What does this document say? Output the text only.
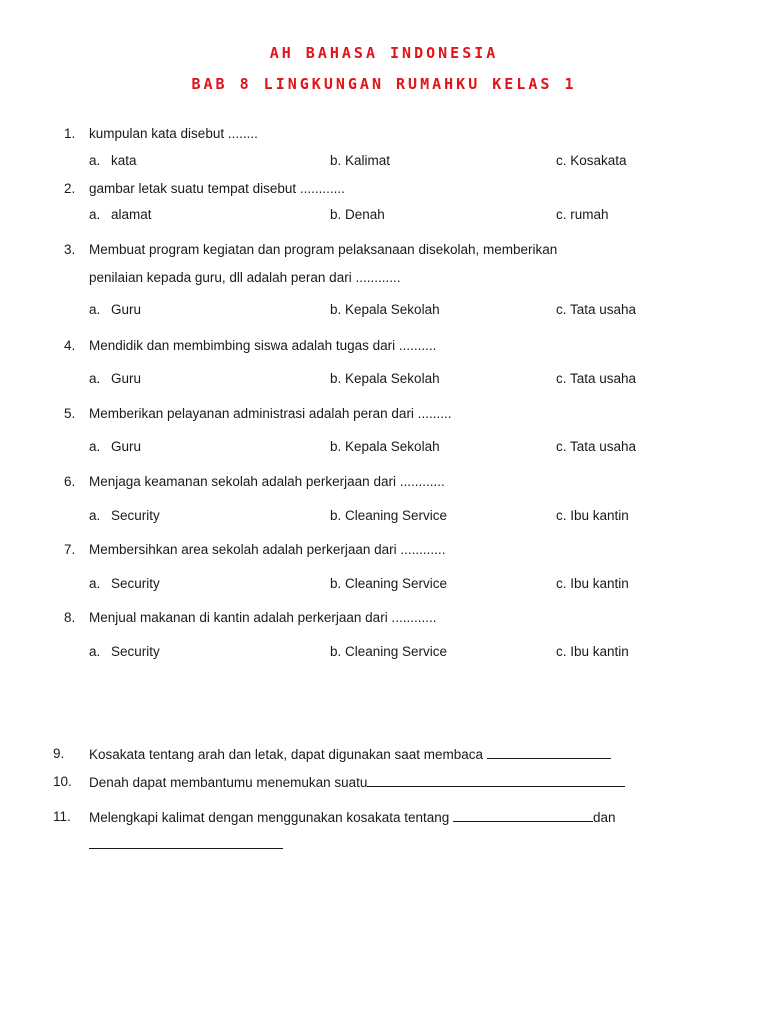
AH BAHASA INDONESIA
BAB 8 LINGKUNGAN RUMAHKU KELAS 1
1. kumpulan kata disebut ........
a. kata	b. Kalimat	c. Kosakata
2. gambar letak suatu tempat disebut ............
a. alamat	b. Denah	c. rumah
3. Membuat program kegiatan dan program pelaksanaan disekolah, memberikan
penilaian kepada guru, dll adalah peran dari ............
a. Guru	b. Kepala Sekolah	c. Tata usaha
4. Mendidik dan membimbing siswa adalah tugas dari ..........
a. Guru	b. Kepala Sekolah	c. Tata usaha
5. Memberikan pelayanan administrasi adalah peran dari .........
a. Guru	b. Kepala Sekolah	c. Tata usaha
6. Menjaga keamanan sekolah adalah perkerjaan dari ............
a. Security	b. Cleaning Service	c. Ibu kantin
7. Membersihkan area sekolah adalah perkerjaan dari ............
a. Security	b. Cleaning Service	c. Ibu kantin
8. Menjual makanan di kantin adalah perkerjaan dari ............
a. Security	b. Cleaning Service	c. Ibu kantin
9. Kosakata tentang arah dan letak, dapat digunakan saat membaca
10. Denah dapat membantumu menemukan suatu
11. Melengkapi kalimat dengan menggunakan kosakata tentang	dan
